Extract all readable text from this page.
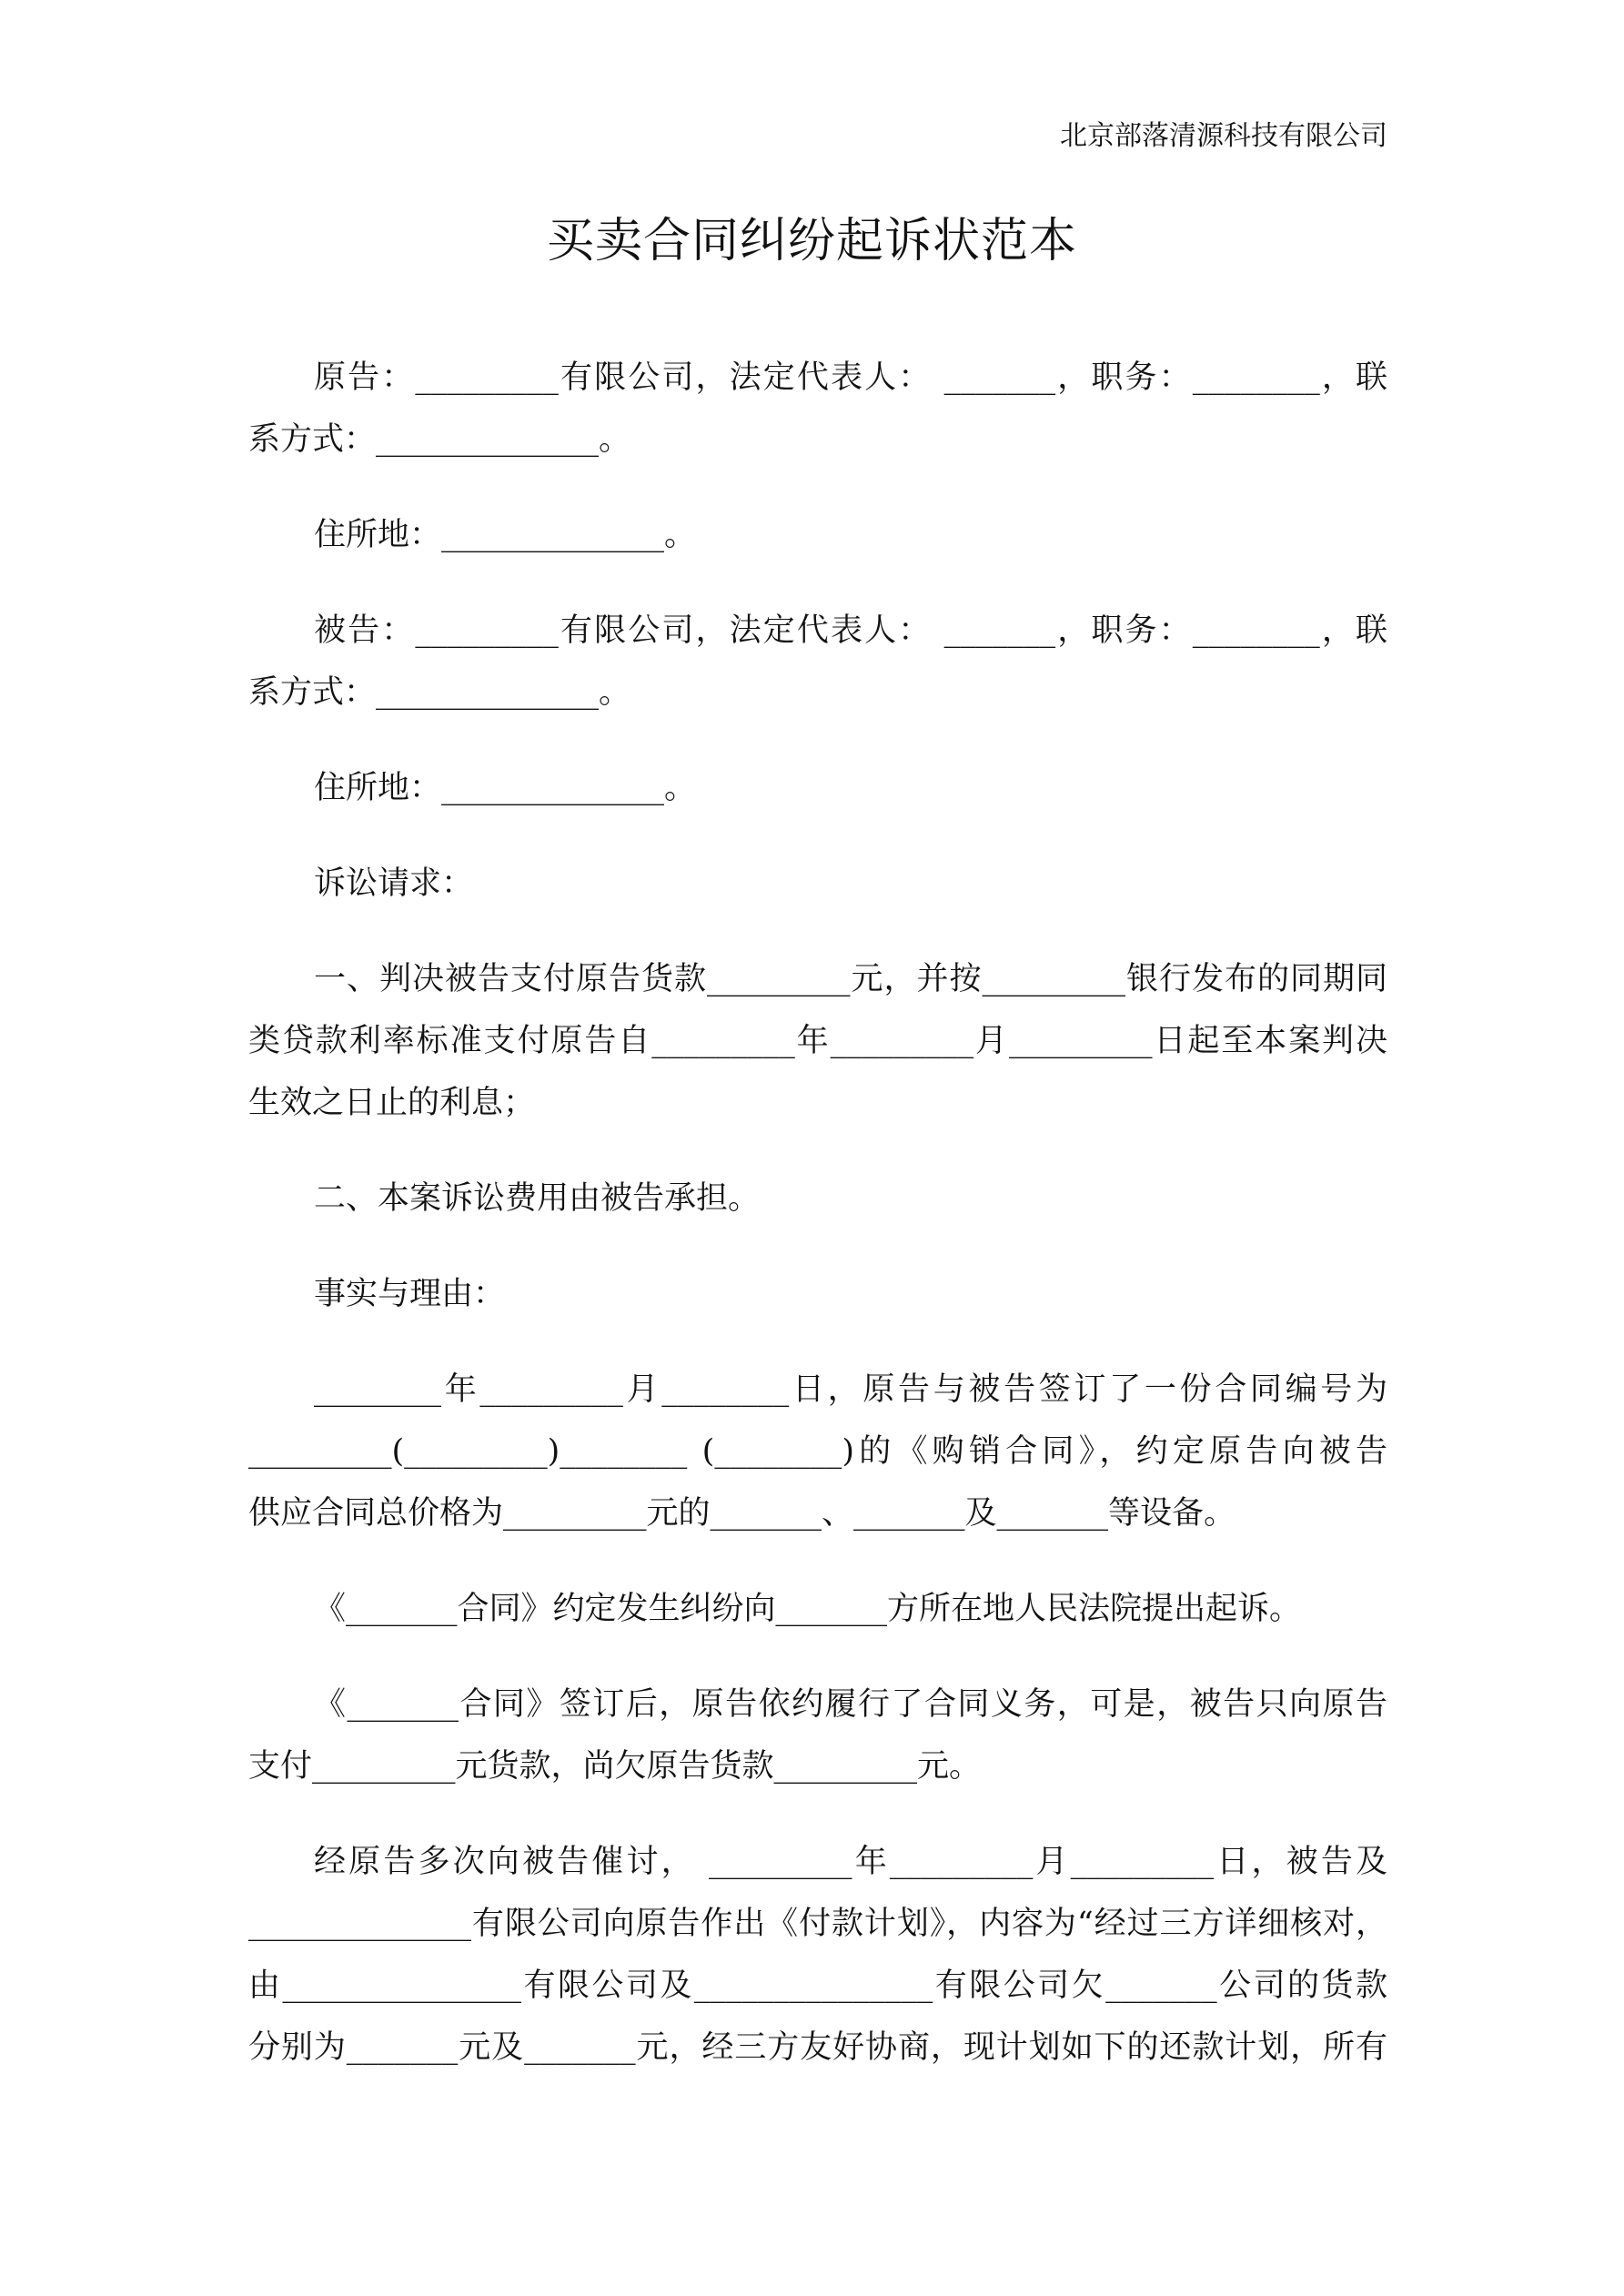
北京部落清源科技有限公司
买卖合同纠纷起诉状范本
原告：_________有限公司，法定代表人： _______，职务：________，联
系方式：______________。
住所地：______________。
被告：_________有限公司，法定代表人： _______，职务：________，联
系方式：______________。
住所地：______________。
诉讼请求：
一、判决被告支付原告货款_________元，并按_________银行发布的同期同
类贷款利率标准支付原告自_________年_________月_________日起至本案判决
生效之日止的利息；
二、本案诉讼费用由被告承担。
事实与理由：
________年_________月________日，原告与被告签订了一份合同编号为
_________(_________)________ (________)的《购销合同》，约定原告向被告
供应合同总价格为_________元的_______、_______及_______等设备。
《_______合同》约定发生纠纷向_______方所在地人民法院提出起诉。
《_______合同》签订后，原告依约履行了合同义务，可是，被告只向原告
支付_________元货款，尚欠原告货款_________元。
经原告多次向被告催讨， _________年_________月_________日，被告及
______________有限公司向原告作出《付款计划》，内容为“经过三方详细核对，
由_______________有限公司及_______________有限公司欠_______公司的货款
分别为_______元及_______元，经三方友好协商，现计划如下的还款计划，所有
